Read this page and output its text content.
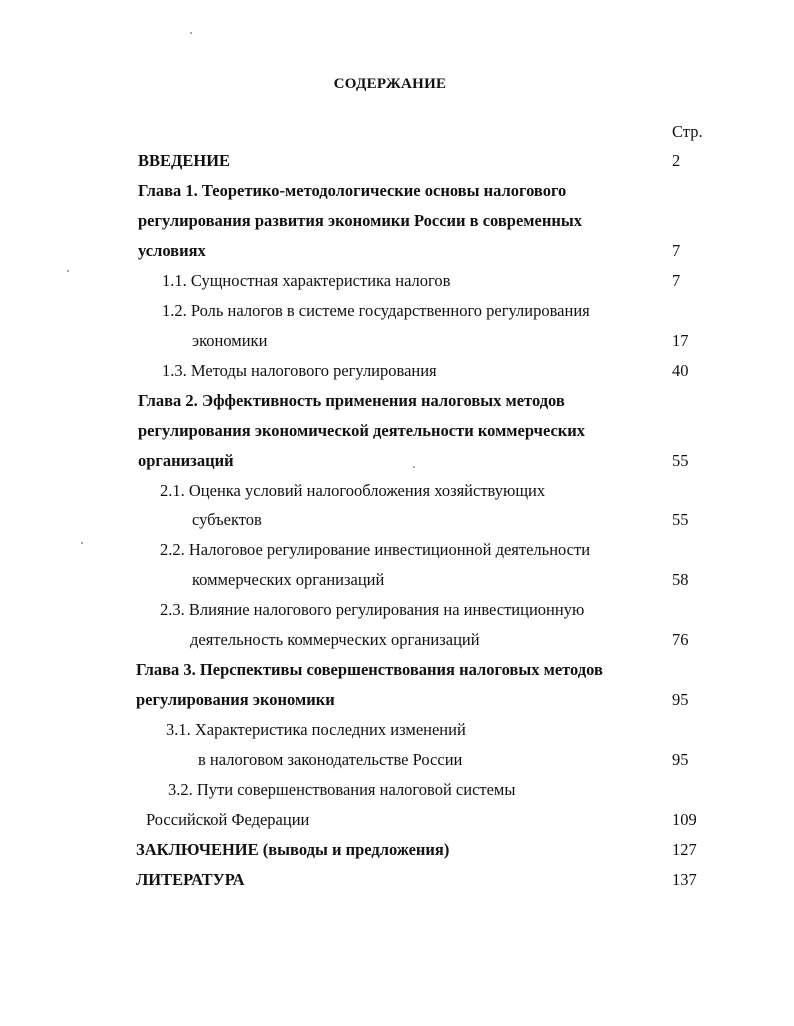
СОДЕРЖАНИЕ
Стр.
ВВЕДЕНИЕ	2
Глава 1. Теоретико-методологические основы налогового
регулирования развития экономики России в современных
условиях	7
1.1. Сущностная характеристика налогов	7
1.2. Роль налогов в системе государственного регулирования
экономики	17
1.3. Методы налогового регулирования	40
Глава 2. Эффективность применения налоговых методов
регулирования экономической деятельности коммерческих
организаций	55
2.1. Оценка условий налогообложения хозяйствующих
субъектов	55
2.2. Налоговое регулирование инвестиционной деятельности
коммерческих организаций	58
2.3. Влияние налогового регулирования на инвестиционную
деятельность коммерческих организаций	76
Глава 3. Перспективы совершенствования налоговых методов
регулирования экономики	95
3.1. Характеристика последних изменений
в налоговом законодательстве России	95
3.2. Пути совершенствования налоговой системы
Российской Федерации	109
ЗАКЛЮЧЕНИЕ (выводы и предложения)	127
ЛИТЕРАТУРА	137
